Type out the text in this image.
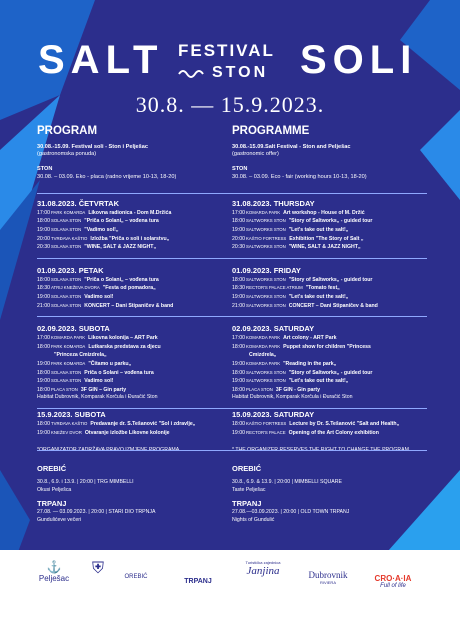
SALT FESTIVAL
STON SOLI
30.8. — 15.9.2023.
PROGRAM
30.08.-15.09. Festival soli - Ston i Pelješac
(gastronomska ponuda)
STON
30.08. – 03.09. Eko - placa (radno vrijeme 10-13, 18-20)
31.08.2023. ČETVRTAK
17:00PARK KOMARDA Likovna radionica - Dom M.Držića
18:00SOLANA STON "Priča o Solani„ – vođena tura
19:00SOLANA STON "Vadimo sol!„
20:00TVRĐAVA KAŠTIO Izložba "Priča o soli i solarstvu„
20:30SOLANA STON "WINE, SALT & JAZZ NIGHT„
01.09.2023. PETAK
18:00SOLANA STON "Priča o Solani„ – vođena tura
18:30ATRIJ KNEŽEVA DVORA "Festa od pomadora„
19:00SOLANA STON Vadimo sol!
21:00SOLANA STON KONCERT – Dani Stipaničev & band
02.09.2023. SUBOTA
17:00KOMARDA PARK Likovna kolonija – ART Park
18:00PARK KOMARDA Lutkarska predstava za djecu
"Princeza Cmizdrela„
19:00PARK KOMARDA "Čitamo u parku„
18:00SOLANA STON Priča o Solani – vođena tura
19:00SOLANA STON Vadimo sol!
18:00PLACA STON 3F GIN – Gin party
Habitat Dubrovnik, Komparak Korčula i Đuračić Ston
15.9.2023. SUBOTA
18:00TVRĐAVA KAŠTIO Predavanje dr. S.Tešanović "Sol i zdravlje„
19:00KNEŽEV DVOR Otvaranje izložbe Likovne kolonije
*ORGANIZATOR ZADRŽAVA PRAVO IZMJENE PROGRAMA.
OREBIĆ
30.8., 6.9. i 13.9. | 20:00 | TRG MIMBELLI
Okusi Pelješca
TRPANJ
27.08. — 03.09.2023. | 20:00 | STARI DIO TRPNJA
Gundulićeve večeri
PROGRAMME
30.08.-15.09.Salt Festival - Ston and Pelješac
(gastronomic offer)
STON
30.08. – 03.09. Eco - fair (working hours 10-13, 18-20)
31.08.2023. THURSDAY
17:00KOMARDA PARK Art workshop - House of M. Držić
18:00SALTWORKS STON "Story of Saltworks„ - guided tour
19:00SALTWORKS STON "Let's take out the salt!„
20:00KAŠTIO FORTRESS Exhibition "The Story of Salt „
20:30SALTWORKS STON "WINE, SALT & JAZZ NIGHT„
01.09.2023. FRIDAY
18:00SALTWORKS STON "Story of Saltworks„ - guided tour
18:30RECTOR'S PALACE ATRIUM "Tomato fest„
19:00SALTWORKS STON "Let's take out the salt!„
21:00SALTWORKS STON CONCERT – Dani Stipaničev & band
02.09.2023. SATURDAY
17:00KOMARDA PARK Art colony - ART Park
18:00KOMARDA PARK Puppet show for children "Princess
Cmizdrela„
19:00KOMARDA PARK "Reading in the park„
18:00SALTWORKS STON "Story of Saltworks„ - guided tour
19:00SALTWORKS STON "Let's take out the salt!„
18:00PLACA STON 3F GIN - Gin party
Habitat Dubrovnik, Komparak Korčula i Đuračić Ston
15.09.2023. SATURDAY
18:00KAŠTIO FORTRESS Lecture by Dr. S.Tešanović "Salt and Health„
19:00RECTOR'S PALACE Opening of the Art Colony exhibition
* THE ORGANIZER RESERVES THE RIGHT TO CHANGE THE PROGRAM.
OREBIĆ
30.8., 6.9. & 13.9. | 20:00 | MIMBELLI SQUARE
Taste Pelješac
TRPANJ
27.08.—03.09.2023. | 20:00 | OLD TOWN TRPANJ
Nights of Gundulić
⚓
Pelješac
⛨	OREBIĆ
TRPANJ
Turistička zajednica
Janjina	Dubrovnik
RIVIERA	CRO·A·IA
Full of life
